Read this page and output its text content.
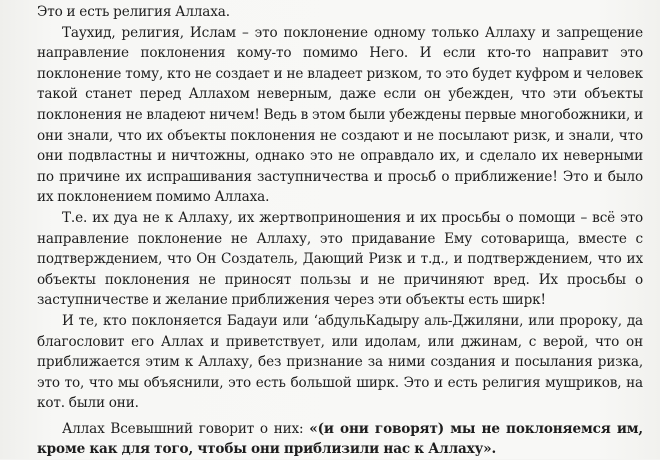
Это и есть религия Аллаха.

Таухид, религия, Ислам – это поклонение одному только Аллаху и запрещение направление поклонения кому-то помимо Него. И если кто-то направит это поклонение тому, кто не создает и не владеет ризком, то это будет куфром и человек такой станет перед Аллахом неверным, даже если он убежден, что эти объекты поклонения не владеют ничем! Ведь в этом были убеждены первые многобожники, и они знали, что их объекты поклонения не создают и не посылают ризк, и знали, что они подвластны и ничтожны, однако это не оправдало их, и сделало их неверными по причине их испрашивания заступничества и просьб о приближение! Это и было их поклонением помимо Аллаха.

Т.е. их дуа не к Аллаху, их жертвоприношения и их просьбы о помощи – всё это направление поклонение не Аллаху, это придавание Ему сотоварища, вместе с подтверждением, что Он Создатель, Дающий Ризк и т.д., и подтверждением, что их объекты поклонения не приносят пользы и не причиняют вред. Их просьбы о заступничестве и желание приближения через эти объекты есть ширк!

И те, кто поклоняется Бадауи или ‘абдульКадыру аль-Джиляни, или пророку, да благословит его Аллах и приветствует, или идолам, или джинам, с верой, что он приближается этим к Аллаху, без признание за ними создания и посылания ризка, это то, что мы объяснили, это есть большой ширк. Это и есть религия мушриков, на кот. были они.

Аллах Всевышний говорит о них: «(и они говорят) мы не поклоняемся им, кроме как для того, чтобы они приблизили нас к Аллаху».
